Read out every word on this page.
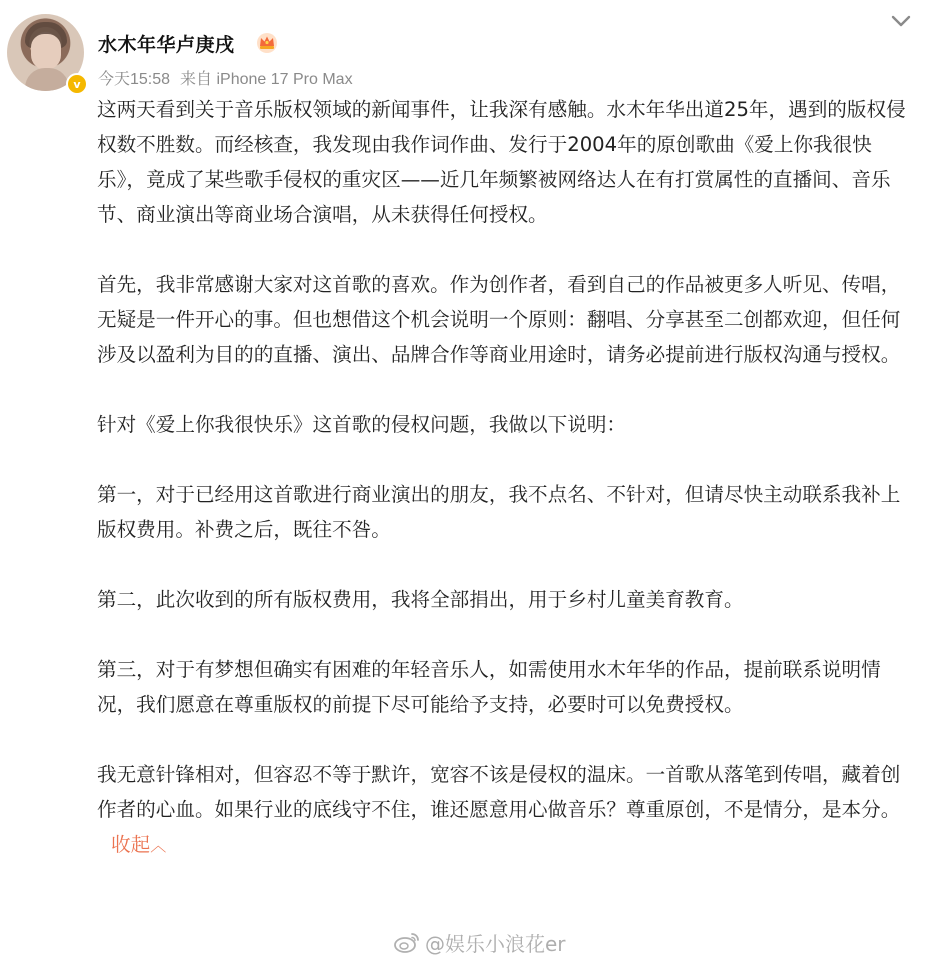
v
水木年华卢庚戌
今天15:58 来自 iPhone 17 Pro Max

这两天看到关于音乐版权领域的新闻事件，让我深有感触。水木年华出道25年，遇到的版权侵权数不胜数。而经核查，我发现由我作词作曲、发行于2004年的原创歌曲《爱上你我很快乐》，竟成了某些歌手侵权的重灾区——近几年频繁被网络达人在有打赏属性的直播间、音乐节、商业演出等商业场合演唱，从未获得任何授权。

首先，我非常感谢大家对这首歌的喜欢。作为创作者，看到自己的作品被更多人听见、传唱，无疑是一件开心的事。但也想借这个机会说明一个原则：翻唱、分享甚至二创都欢迎，但任何涉及以盈利为目的的直播、演出、品牌合作等商业用途时，请务必提前进行版权沟通与授权。

针对《爱上你我很快乐》这首歌的侵权问题，我做以下说明：

第一，对于已经用这首歌进行商业演出的朋友，我不点名、不针对，但请尽快主动联系我补上版权费用。补费之后，既往不咎。

第二，此次收到的所有版权费用，我将全部捐出，用于乡村儿童美育教育。

第三，对于有梦想但确实有困难的年轻音乐人，如需使用水木年华的作品，提前联系说明情况，我们愿意在尊重版权的前提下尽可能给予支持，必要时可以免费授权。

我无意针锋相对，但容忍不等于默许，宽容不该是侵权的温床。一首歌从落笔到传唱，藏着创作者的心血。如果行业的底线守不住，谁还愿意用心做音乐？尊重原创，不是情分，是本分。收起︿

@娱乐小浪花er
